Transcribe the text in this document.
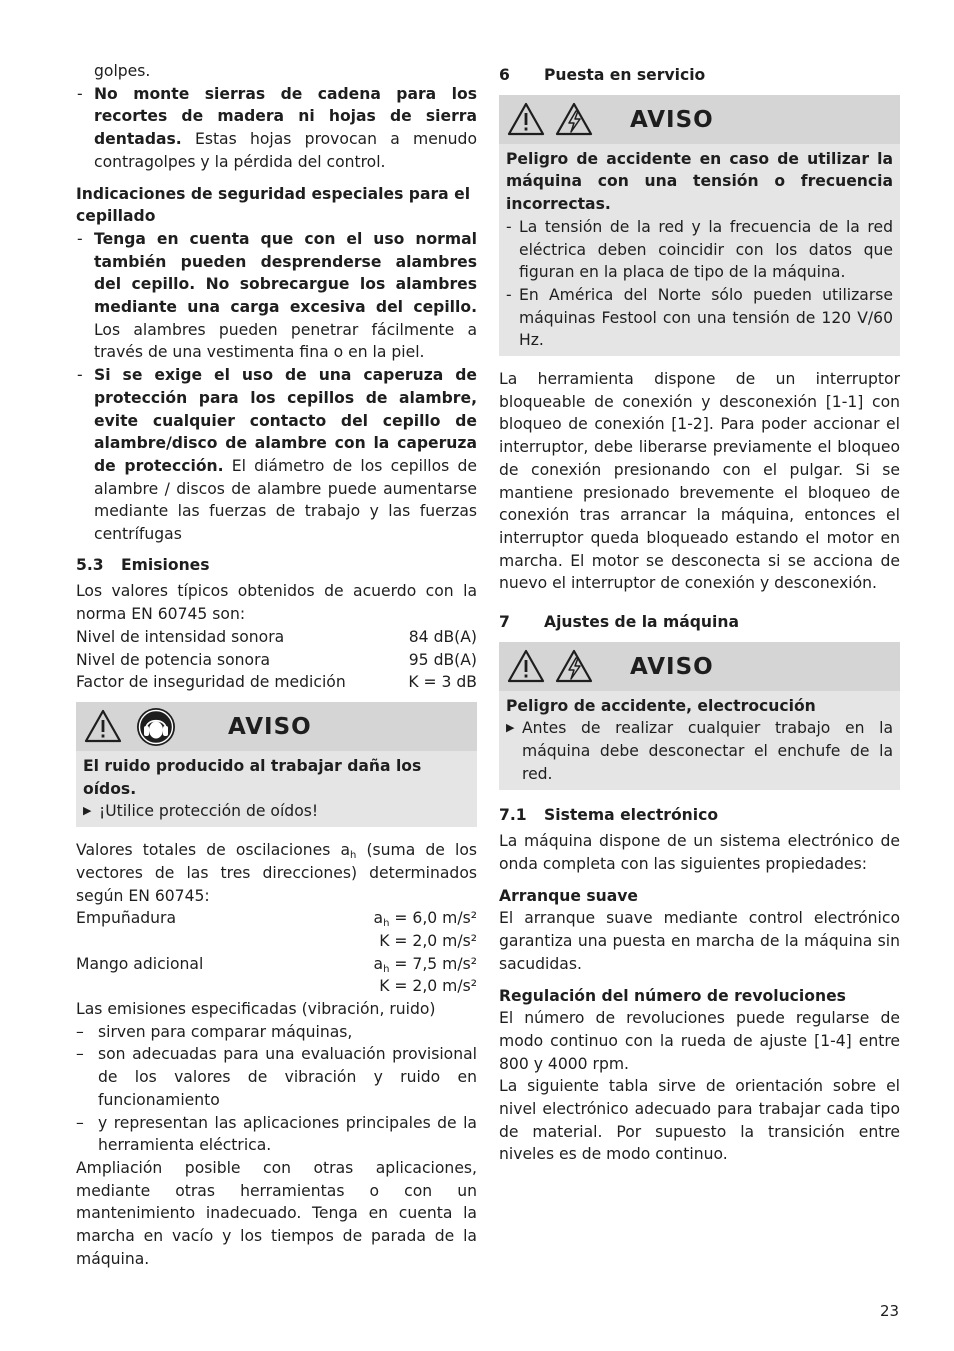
golpes.

- No monte sierras de cadena para los recortes de madera ni hojas de sierra dentadas. Estas hojas provocan a menudo contragolpes y la pérdida del control.

Indicaciones de seguridad especiales para el cepillado

- Tenga en cuenta que con el uso normal también pueden desprenderse alambres del cepillo. No sobrecargue los alambres mediante una carga excesiva del cepillo. Los alambres pueden penetrar fácilmente a través de una vestimenta fina o en la piel.
- Si se exige el uso de una caperuza de protección para los cepillos de alambre, evite cualquier contacto del cepillo de alambre/disco de alambre con la caperuza de protección. El diámetro de los cepillos de alambre / discos de alambre puede aumentarse mediante las fuerzas de trabajo y las fuerzas centrífugas

5.3 Emisiones

Los valores típicos obtenidos de acuerdo con la norma EN 60745 son:

Nivel de intensidad sonora	84 dB(A)
Nivel de potencia sonora	95 dB(A)
Factor de inseguridad de medición	K = 3 dB
AVISO

El ruido producido al trabajar daña los oídos.

▶ ¡Utilice protección de oídos!

Valores totales de oscilaciones $a_h$ (suma de los vectores de las tres direcciones) determinados según EN 60745:

Empuñadura	$a_h = 6,0$ m/s²
K = 2,0 m/s²
Mango adicional	$a_h = 7,5$ m/s²
K = 2,0 m/s²

Las emisiones especificadas (vibración, ruido)

– sirven para comparar máquinas,
– son adecuadas para una evaluación provisional de los valores de vibración y ruido en funcionamiento
– y representan las aplicaciones principales de la herramienta eléctrica.

Ampliación posible con otras aplicaciones, mediante otras herramientas o con un mantenimiento inadecuado. Tenga en cuenta la marcha en vacío y los tiempos de parada de la máquina.

6 Puesta en servicio

AVISO

Peligro de accidente en caso de utilizar la máquina con una tensión o frecuencia incorrectas.

- La tensión de la red y la frecuencia de la red eléctrica deben coincidir con los datos que figuran en la placa de tipo de la máquina.
- En América del Norte sólo pueden utilizarse máquinas Festool con una tensión de 120 V/60 Hz.

La herramienta dispone de un interruptor bloqueable de conexión y desconexión [1-1] con bloqueo de conexión [1-2]. Para poder accionar el interruptor, debe liberarse previamente el bloqueo de conexión presionando con el pulgar. Si se mantiene presionado brevemente el bloqueo de conexión tras arrancar la máquina, entonces el interruptor queda bloqueado estando el motor en marcha. El motor se desconecta si se acciona de nuevo el interruptor de conexión y desconexión.

7 Ajustes de la máquina

AVISO

Peligro de accidente, electrocución

▶ Antes de realizar cualquier trabajo en la máquina debe desconectar el enchufe de la red.

7.1 Sistema electrónico

La máquina dispone de un sistema electrónico de onda completa con las siguientes propiedades:

Arranque suave

El arranque suave mediante control electrónico garantiza una puesta en marcha de la máquina sin sacudidas.

Regulación del número de revoluciones

El número de revoluciones puede regularse de modo continuo con la rueda de ajuste [1-4] entre 800 y 4000 rpm.

La siguiente tabla sirve de orientación sobre el nivel electrónico adecuado para trabajar cada tipo de material. Por supuesto la transición entre niveles es de modo continuo.

23
